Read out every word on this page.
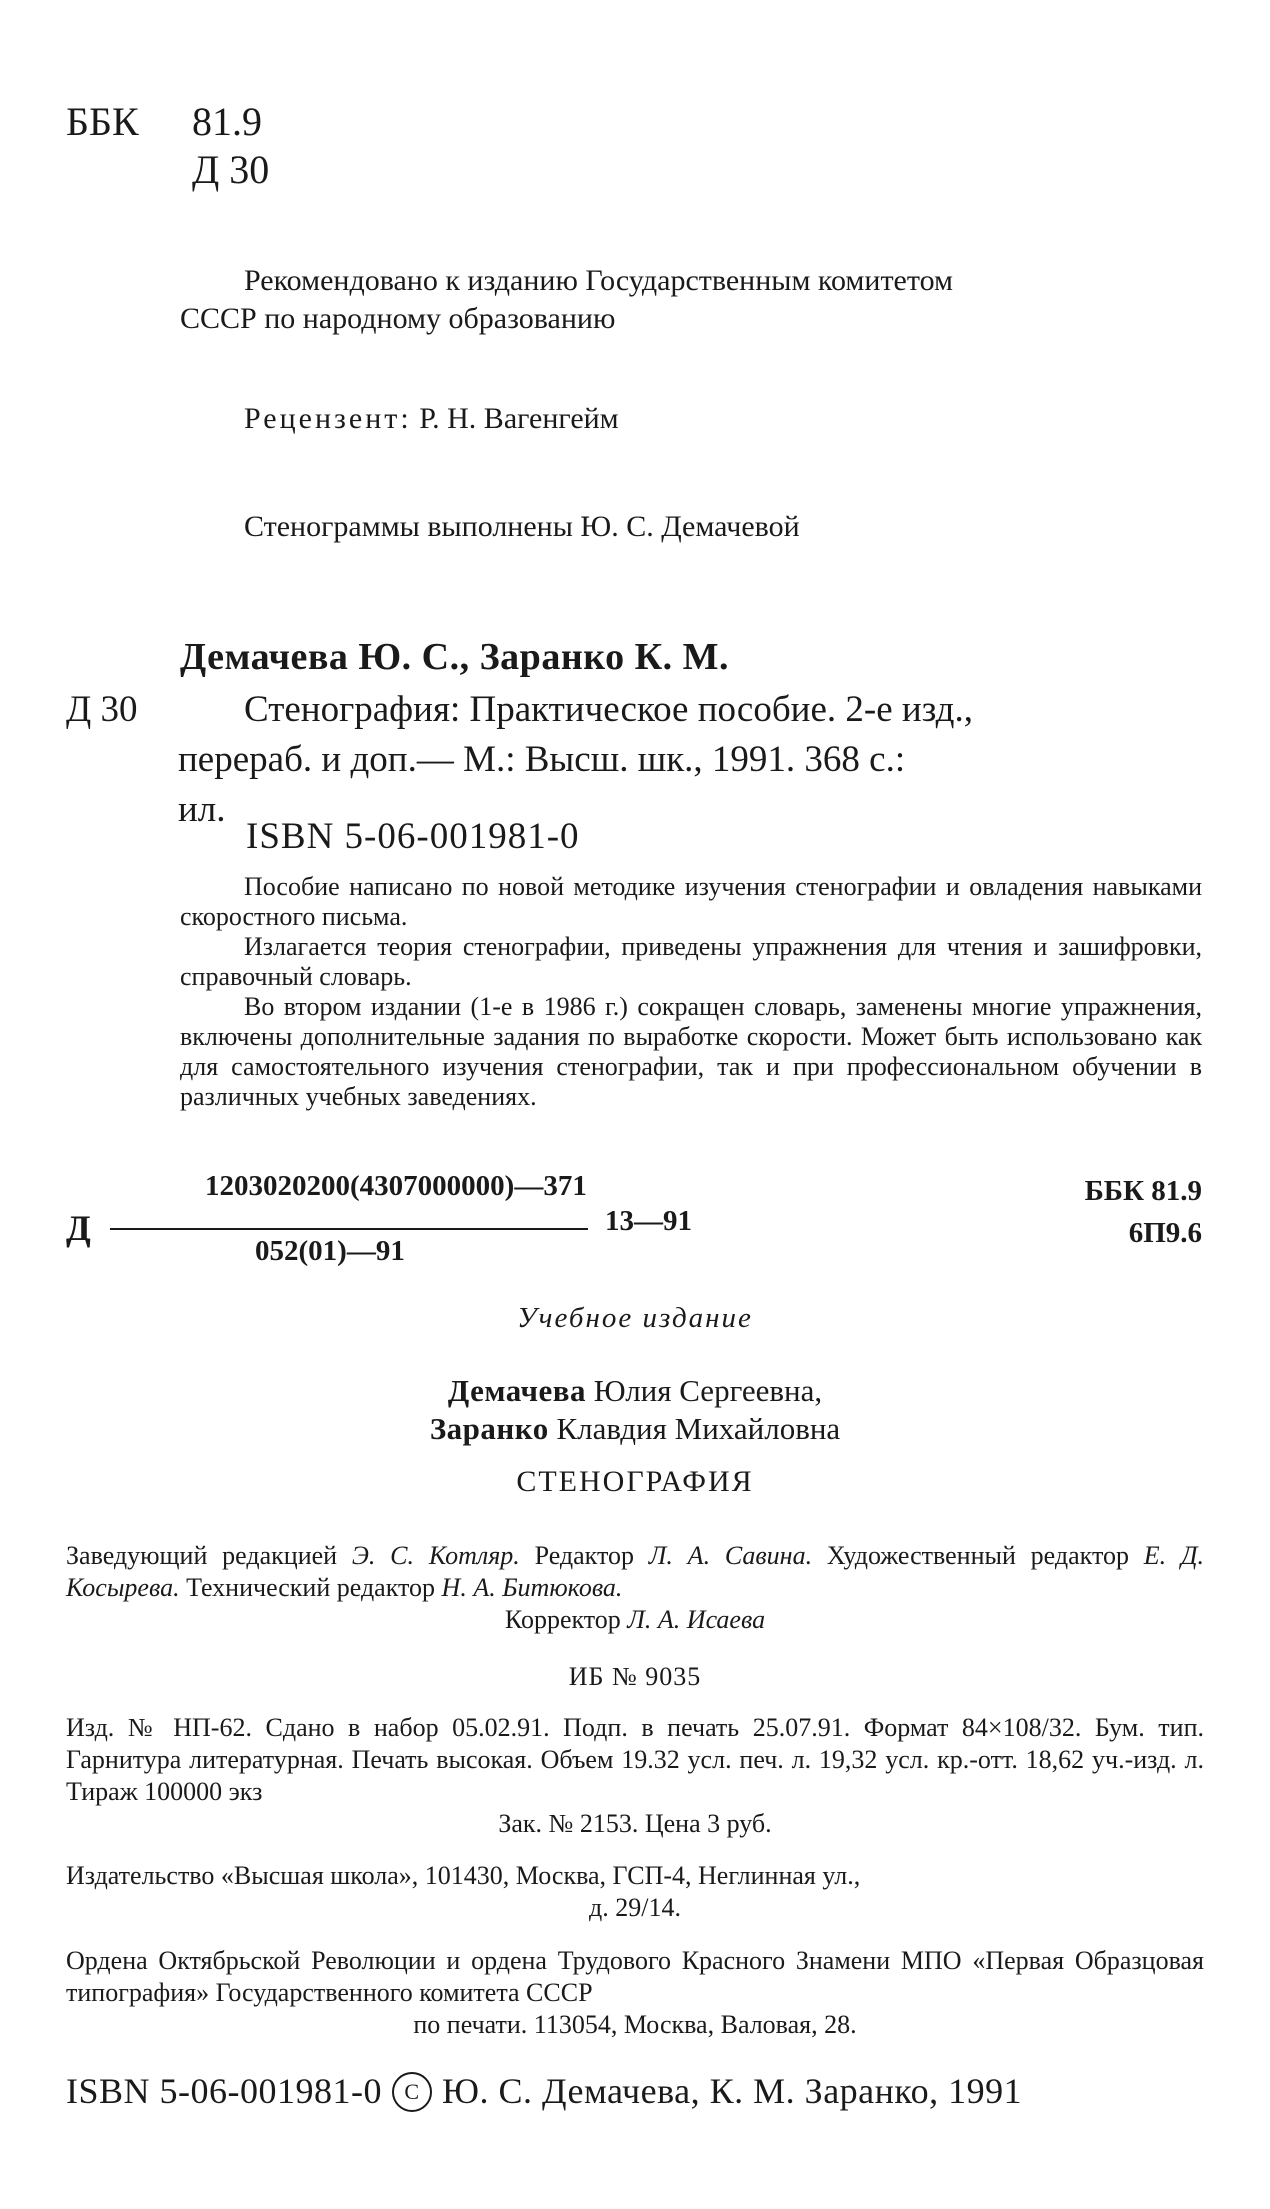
ББК 81.9
Д 30
Рекомендовано к изданию Государственным комитетом
СССР по народному образованию
Рецензент: Р. Н. Вагенгейм
Стенограммы выполнены Ю. С. Демачевой
Демачева Ю. С., Заранко К. М.
Д 30	Стенография: Практическое пособие. 2-е изд.,
перераб. и доп.— М.: Высш. шк., 1991. 368 с.:
ил.
ISBN 5-06-001981-0

Пособие написано по новой методике изучения стенографии и овладения навыками скоростного письма.

Излагается теория стенографии, приведены упражнения для чтения и зашифровки, справочный словарь.

Во втором издании (1-е в 1986 г.) сокращен словарь, заменены многие упражнения, включены дополнительные задания по выработке скорости. Может быть использовано как для самостоятельного изучения стенографии, так и при профессиональном обучении в различных учебных заведениях.

Д
1203020200(4307000000)—371
052(01)—91
13—91
ББК 81.9
6П9.6
Учебное издание
Демачева Юлия Сергеевна,
Заранко Клавдия Михайловна
СТЕНОГРАФИЯ
Заведующий редакцией Э. С. Котляр. Редактор Л. А. Савина. Художественный редактор Е. Д. Косырева. Технический редактор Н. А. Битюкова.
Корректор Л. А. Исаева
ИБ № 9035
Изд. № НП-62. Сдано в набор 05.02.91. Подп. в печать 25.07.91. Формат 84×108/32. Бум. тип. Гарнитура литературная. Печать высокая. Объем 19.32 усл. печ. л. 19,32 усл. кр.-отт. 18,62 уч.-изд. л. Тираж 100000 экз
Зак. № 2153. Цена 3 руб.
Издательство «Высшая школа», 101430, Москва, ГСП-4, Неглинная ул.,
д. 29/14.
Ордена Октябрьской Революции и ордена Трудового Красного Знамени МПО «Первая Образцовая типография» Государственного комитета СССР
по печати. 113054, Москва, Валовая, 28.
ISBN 5-06-001981-0 C Ю. С. Демачева, К. М. Заранко, 1991
